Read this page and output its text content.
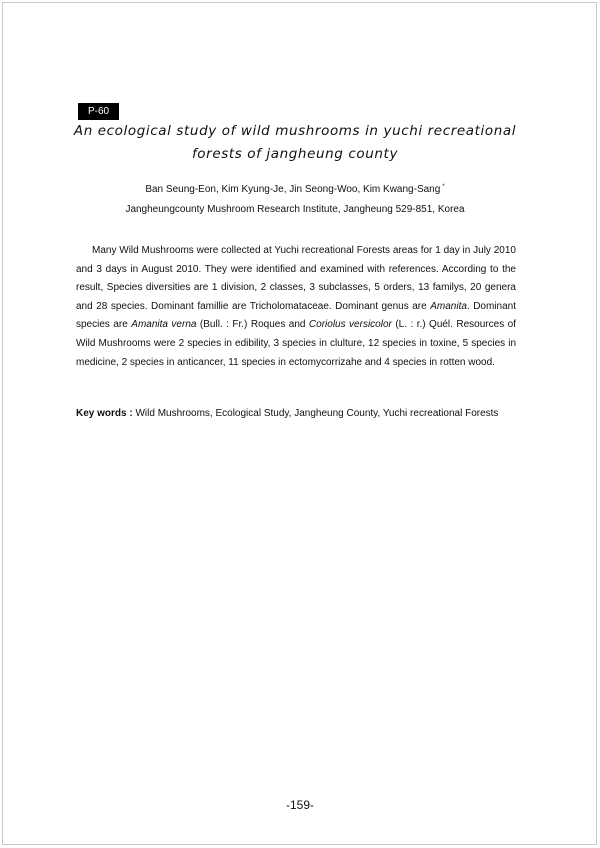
P-60
An ecological study of wild mushrooms in yuchi recreational
forests of jangheung county
Ban Seung-Eon, Kim Kyung-Je, Jin Seong-Woo, Kim Kwang-Sang *
Jangheungcounty Mushroom Research Institute, Jangheung 529-851, Korea

Many Wild Mushrooms were collected at Yuchi recreational Forests areas for 1 day in July 2010 and 3 days in August 2010. They were identified and examined with references. According to the result, Species diversities are 1 division, 2 classes, 3 subclasses, 5 orders, 13 familys, 20 genera and 28 species. Dominant famillie are Tricholomataceae. Dominant genus are Amanita. Dominant species are Amanita verna (Bull. : Fr.) Roques and Coriolus versicolor (L. : r.) Quél. Resources of Wild Mushrooms were 2 species in edibility, 3 species in clulture, 12 species in toxine, 5 species in medicine, 2 species in anticancer, 11 species in ectomycorrizahe and 4 species in rotten wood.

Key words : Wild Mushrooms, Ecological Study, Jangheung County, Yuchi recreational Forests
-159-
